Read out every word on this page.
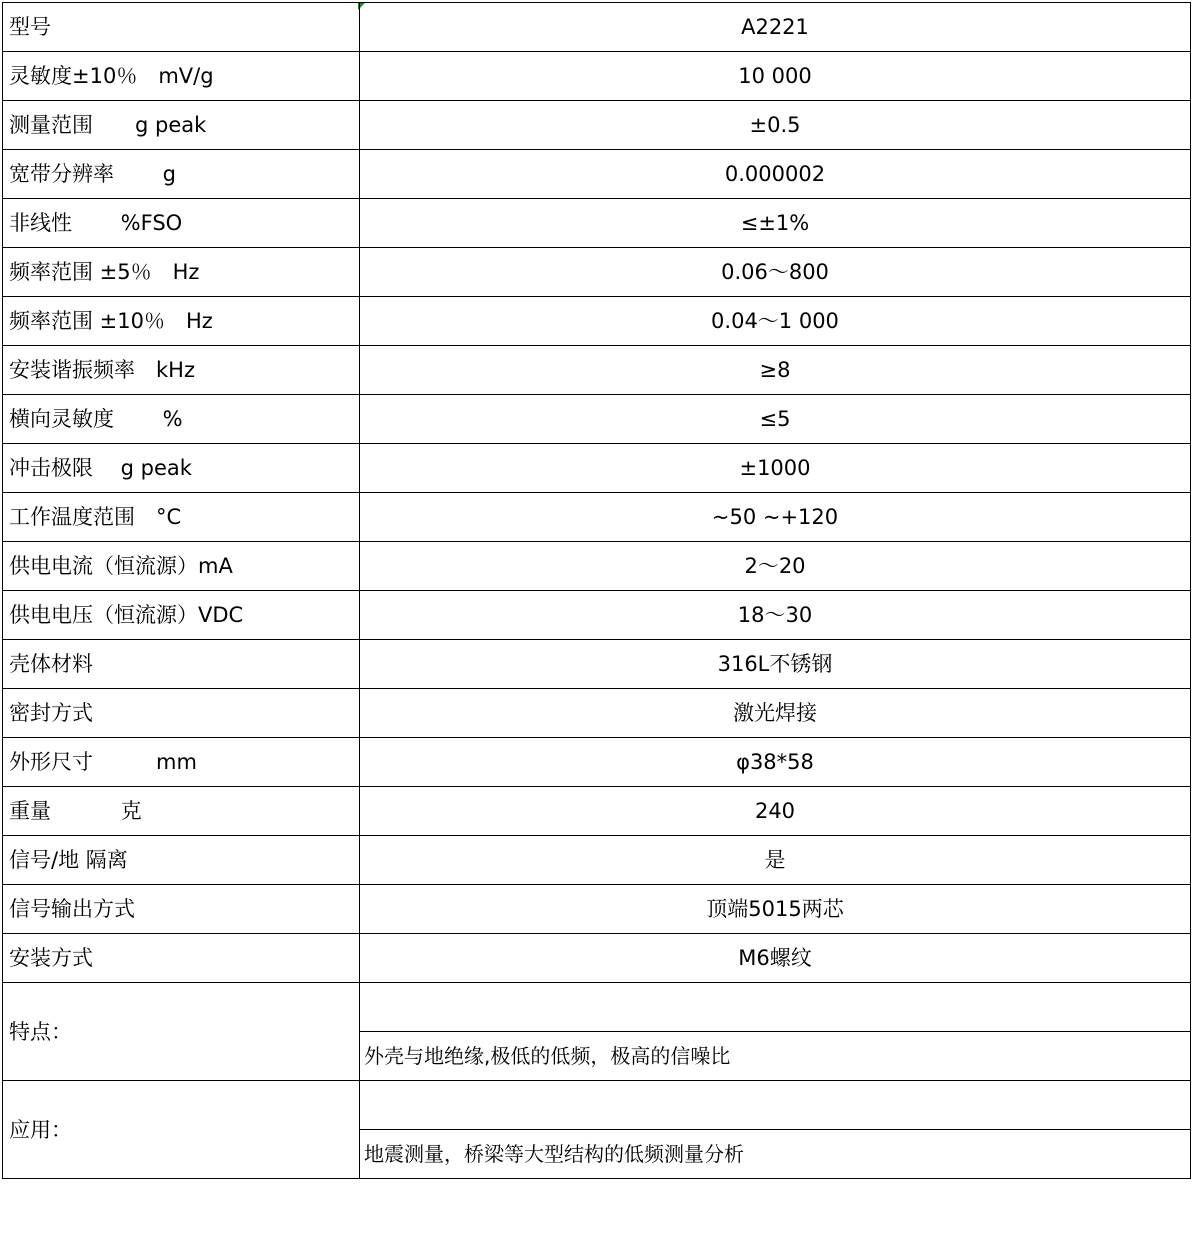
型号	A2221
灵敏度±10％　mV/g	10 000
测量范围　　g peak	±0.5
宽带分辨率　　 g	0.000002
非线性　　 %FSO	≤±1%
频率范围 ±5％　Hz	0.06～800
频率范围 ±10％　Hz	0.04～1 000
安装谐振频率　kHz	≥8
横向灵敏度　　 %	≤5
冲击极限　 g peak	±1000
工作温度范围　°C	~50 ~+120
供电电流（恒流源）mA	2～20
供电电压（恒流源）VDC	18～30
壳体材料	316L不锈钢
密封方式	激光焊接
外形尺寸　　　mm	φ38*58
重量　　　 克	240
信号/地 隔离	是
信号输出方式	顶端5015两芯
安装方式	M6螺纹
特点：	
	外壳与地绝缘,极低的低频，极高的信噪比
应用：	
	地震测量，桥梁等大型结构的低频测量分析
